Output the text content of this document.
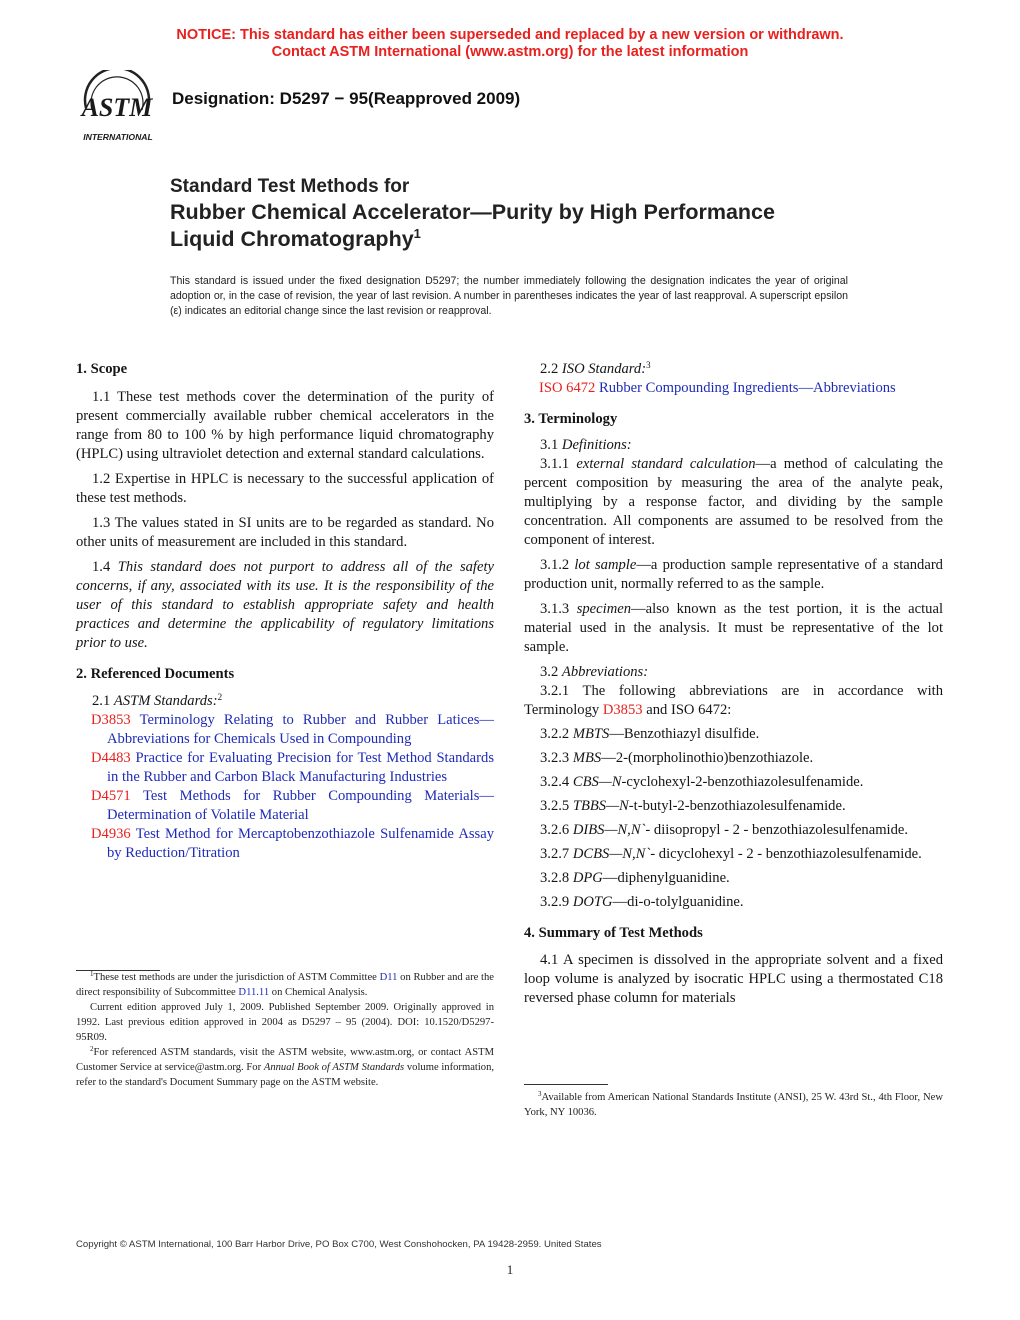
NOTICE: This standard has either been superseded and replaced by a new version or withdrawn.
Contact ASTM International (www.astm.org) for the latest information
ASTM
INTERNATIONAL
Designation: D5297 − 95(Reapproved 2009)
Standard Test Methods for
Rubber Chemical Accelerator—Purity by High Performance
Liquid Chromatography$^1$
This standard is issued under the fixed designation D5297; the number immediately following the designation indicates the year of original adoption or, in the case of revision, the year of last revision. A number in parentheses indicates the year of last reapproval. A superscript epsilon (ε) indicates an editorial change since the last revision or reapproval.
1. Scope

1.1 These test methods cover the determination of the purity of present commercially available rubber chemical accelerators in the range from 80 to 100 % by high performance liquid chromatography (HPLC) using ultraviolet detection and external standard calculations.

1.2 Expertise in HPLC is necessary to the successful application of these test methods.

1.3 The values stated in SI units are to be regarded as standard. No other units of measurement are included in this standard.

1.4 This standard does not purport to address all of the safety concerns, if any, associated with its use. It is the responsibility of the user of this standard to establish appropriate safety and health practices and determine the applicability of regulatory limitations prior to use.

2. Referenced Documents

2.1 ASTM Standards:$^2$

D3853 Terminology Relating to Rubber and Rubber Latices—Abbreviations for Chemicals Used in Compounding

D4483 Practice for Evaluating Precision for Test Method Standards in the Rubber and Carbon Black Manufacturing Industries

D4571 Test Methods for Rubber Compounding Materials—Determination of Volatile Material

D4936 Test Method for Mercaptobenzothiazole Sulfenamide Assay by Reduction/Titration

2.2 ISO Standard:$^3$

ISO 6472 Rubber Compounding Ingredients—Abbreviations

3. Terminology

3.1 Definitions:

3.1.1 external standard calculation—a method of calculating the percent composition by measuring the area of the analyte peak, multiplying by a response factor, and dividing by the sample concentration. All components are assumed to be resolved from the component of interest.

3.1.2 lot sample—a production sample representative of a standard production unit, normally referred to as the sample.

3.1.3 specimen—also known as the test portion, it is the actual material used in the analysis. It must be representative of the lot sample.

3.2 Abbreviations:

3.2.1 The following abbreviations are in accordance with Terminology D3853 and ISO 6472:

3.2.2 MBTS—Benzothiazyl disulfide.

3.2.3 MBS—2-(morpholinothio)benzothiazole.

3.2.4 CBS—N-cyclohexyl-2-benzothiazolesulfenamide.

3.2.5 TBBS—N-t-butyl-2-benzothiazolesulfenamide.

3.2.6 DIBS—N,N`- diisopropyl - 2 - benzothiazolesulfenamide.

3.2.7 DCBS—N,N`- dicyclohexyl - 2 - benzothiazolesulfenamide.

3.2.8 DPG—diphenylguanidine.

3.2.9 DOTG—di-o-tolylguanidine.

4. Summary of Test Methods

4.1 A specimen is dissolved in the appropriate solvent and a fixed loop volume is analyzed by isocratic HPLC using a thermostated C18 reversed phase column for materials

$^1$These test methods are under the jurisdiction of ASTM Committee D11 on Rubber and are the direct responsibility of Subcommittee D11.11 on Chemical Analysis.

Current edition approved July 1, 2009. Published September 2009. Originally approved in 1992. Last previous edition approved in 2004 as D5297 – 95 (2004). DOI: 10.1520/D5297-95R09.

$^2$For referenced ASTM standards, visit the ASTM website, www.astm.org, or contact ASTM Customer Service at service@astm.org. For Annual Book of ASTM Standards volume information, refer to the standard's Document Summary page on the ASTM website.

$^3$Available from American National Standards Institute (ANSI), 25 W. 43rd St., 4th Floor, New York, NY 10036.

Copyright © ASTM International, 100 Barr Harbor Drive, PO Box C700, West Conshohocken, PA 19428-2959. United States
1
